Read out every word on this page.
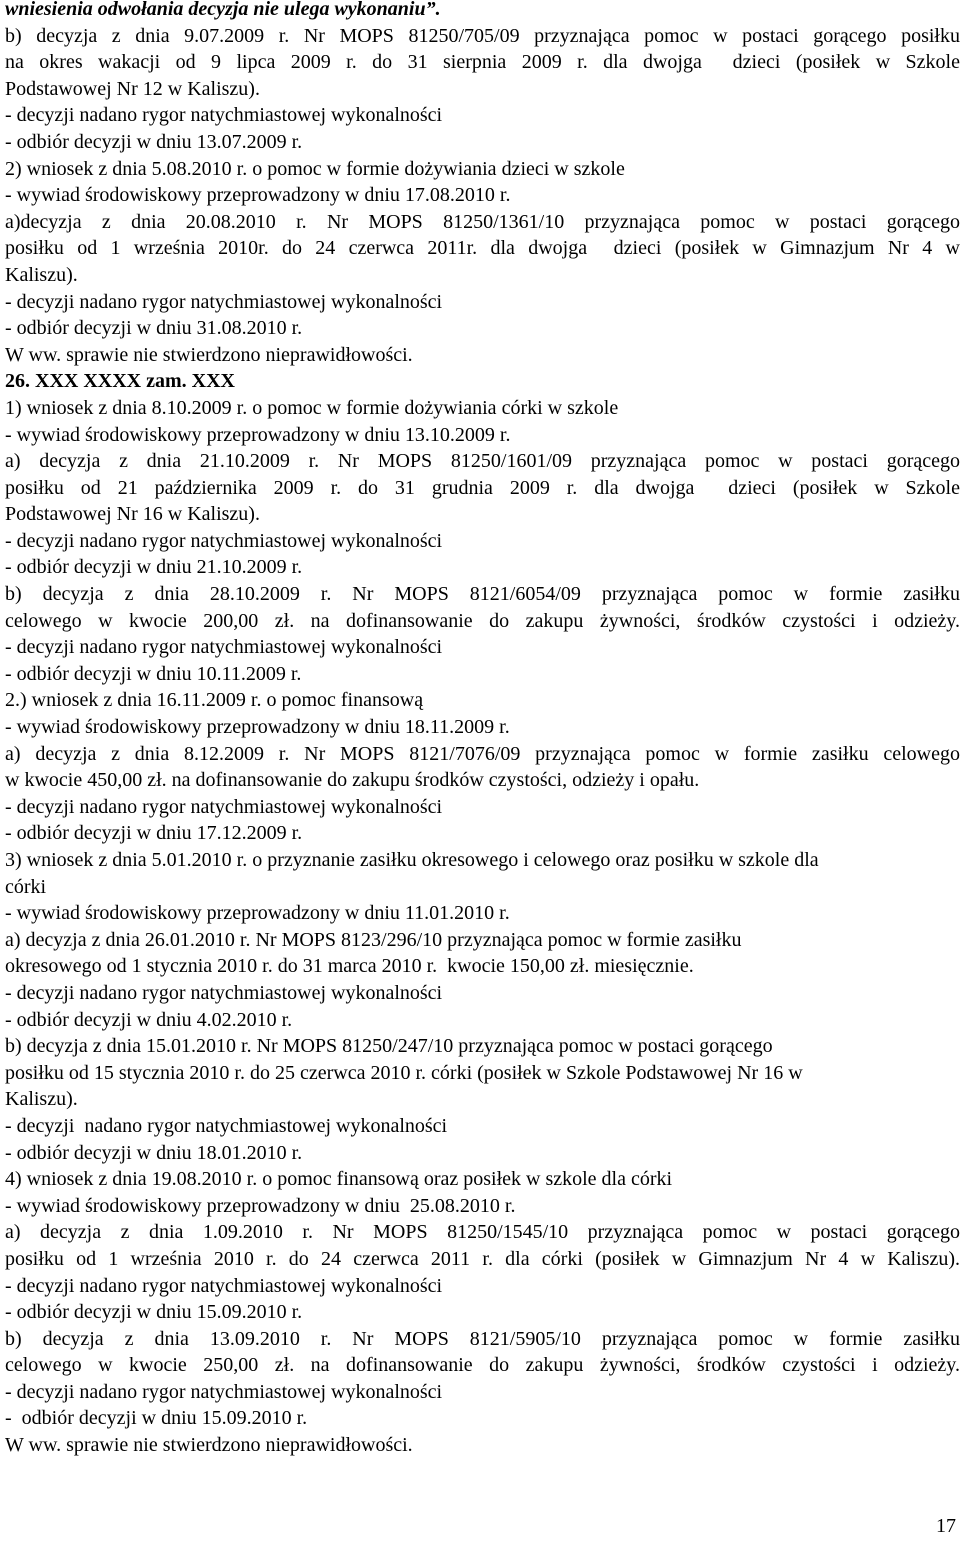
wniesienia odwołania decyzja nie ulega wykonaniu”.
b) decyzja z dnia 9.07.2009 r. Nr MOPS 81250/705/09 przyznająca pomoc w postaci gorącego posiłku
na okres wakacji od 9 lipca 2009 r. do 31 sierpnia 2009 r. dla dwojga  dzieci (posiłek w Szkole
Podstawowej Nr 12 w Kaliszu).
- decyzji nadano rygor natychmiastowej wykonalności
- odbiór decyzji w dniu 13.07.2009 r.
2) wniosek z dnia 5.08.2010 r. o pomoc w formie dożywiania dzieci w szkole
- wywiad środowiskowy przeprowadzony w dniu 17.08.2010 r.
a)decyzja z dnia 20.08.2010 r. Nr MOPS 81250/1361/10 przyznająca pomoc w postaci gorącego
posiłku od 1 września 2010r. do 24 czerwca 2011r. dla dwojga  dzieci (posiłek w Gimnazjum Nr 4 w
Kaliszu).
- decyzji nadano rygor natychmiastowej wykonalności
- odbiór decyzji w dniu 31.08.2010 r.
W ww. sprawie nie stwierdzono nieprawidłowości.
26. XXX XXXX zam. XXX
1) wniosek z dnia 8.10.2009 r. o pomoc w formie dożywiania córki w szkole
- wywiad środowiskowy przeprowadzony w dniu 13.10.2009 r.
a) decyzja z dnia 21.10.2009 r. Nr MOPS 81250/1601/09 przyznająca pomoc w postaci gorącego
posiłku od 21 października 2009 r. do 31 grudnia 2009 r. dla dwojga  dzieci (posiłek w Szkole
Podstawowej Nr 16 w Kaliszu).
- decyzji nadano rygor natychmiastowej wykonalności
- odbiór decyzji w dniu 21.10.2009 r.
b) decyzja z dnia 28.10.2009 r. Nr MOPS 8121/6054/09 przyznająca pomoc w formie zasiłku
celowego w kwocie 200,00 zł. na dofinansowanie do zakupu żywności, środków czystości i odzieży.
- decyzji nadano rygor natychmiastowej wykonalności
- odbiór decyzji w dniu 10.11.2009 r.
2.) wniosek z dnia 16.11.2009 r. o pomoc finansową
- wywiad środowiskowy przeprowadzony w dniu 18.11.2009 r.
a) decyzja z dnia 8.12.2009 r. Nr MOPS 8121/7076/09 przyznająca pomoc w formie zasiłku celowego
w kwocie 450,00 zł. na dofinansowanie do zakupu środków czystości, odzieży i opału.
- decyzji nadano rygor natychmiastowej wykonalności
- odbiór decyzji w dniu 17.12.2009 r.
3) wniosek z dnia 5.01.2010 r. o przyznanie zasiłku okresowego i celowego oraz posiłku w szkole dla
córki
- wywiad środowiskowy przeprowadzony w dniu 11.01.2010 r.
a) decyzja z dnia 26.01.2010 r. Nr MOPS 8123/296/10 przyznająca pomoc w formie zasiłku
okresowego od 1 stycznia 2010 r. do 31 marca 2010 r.  kwocie 150,00 zł. miesięcznie.
- decyzji nadano rygor natychmiastowej wykonalności
- odbiór decyzji w dniu 4.02.2010 r.
b) decyzja z dnia 15.01.2010 r. Nr MOPS 81250/247/10 przyznająca pomoc w postaci gorącego
posiłku od 15 stycznia 2010 r. do 25 czerwca 2010 r. córki (posiłek w Szkole Podstawowej Nr 16 w
Kaliszu).
- decyzji  nadano rygor natychmiastowej wykonalności
- odbiór decyzji w dniu 18.01.2010 r.
4) wniosek z dnia 19.08.2010 r. o pomoc finansową oraz posiłek w szkole dla córki
- wywiad środowiskowy przeprowadzony w dniu  25.08.2010 r.
a) decyzja z dnia 1.09.2010 r. Nr MOPS 81250/1545/10 przyznająca pomoc w postaci gorącego
posiłku od 1 września 2010 r. do 24 czerwca 2011 r. dla córki (posiłek w Gimnazjum Nr 4 w Kaliszu).
- decyzji nadano rygor natychmiastowej wykonalności
- odbiór decyzji w dniu 15.09.2010 r.
b) decyzja z dnia 13.09.2010 r. Nr MOPS 8121/5905/10 przyznająca pomoc w formie zasiłku
celowego w kwocie 250,00 zł. na dofinansowanie do zakupu żywności, środków czystości i odzieży.
- decyzji nadano rygor natychmiastowej wykonalności
-  odbiór decyzji w dniu 15.09.2010 r.
W ww. sprawie nie stwierdzono nieprawidłowości.
17
